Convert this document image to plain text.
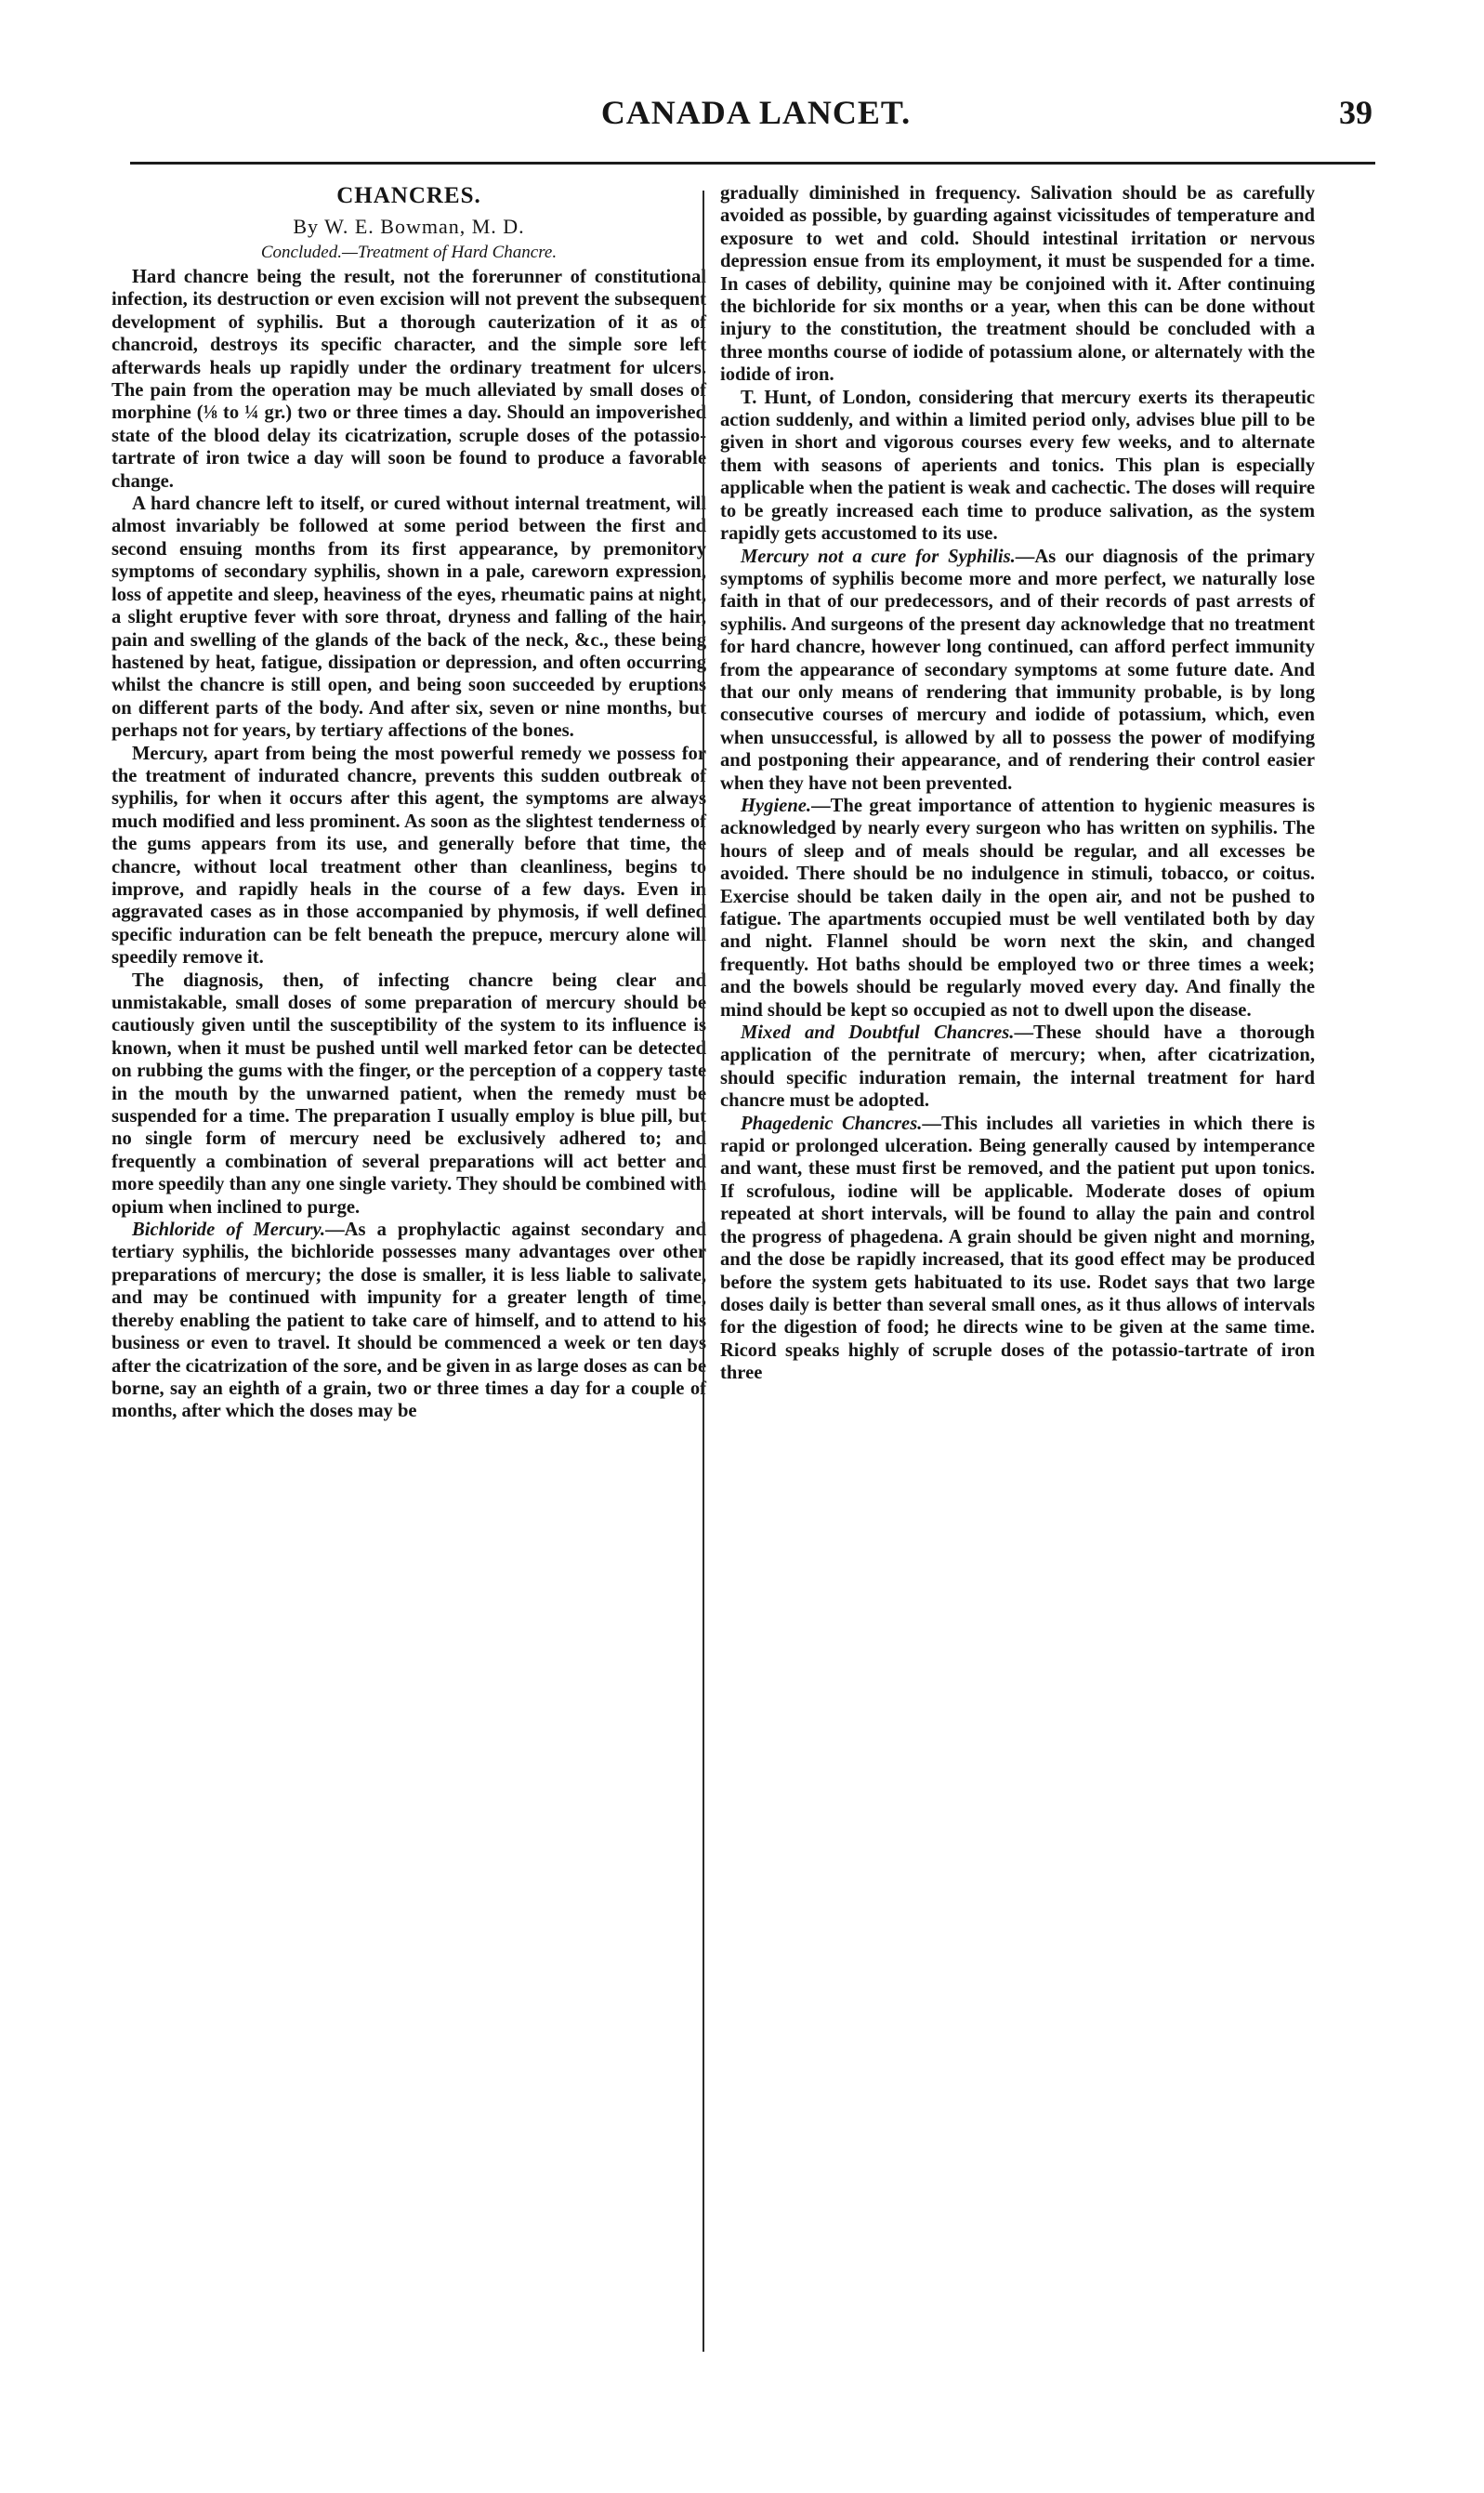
CANADA LANCET.	39
CHANCRES.
By W. E. Bowman, M. D.
Concluded.—Treatment of Hard Chancre.

Hard chancre being the result, not the forerunner of constitutional infection, its destruction or even excision will not prevent the subsequent development of syphilis. But a thorough cauterization of it as of chancroid, destroys its specific character, and the simple sore left afterwards heals up rapidly under the ordinary treatment for ulcers. The pain from the operation may be much alleviated by small doses of morphine (⅛ to ¼ gr.) two or three times a day. Should an impoverished state of the blood delay its cicatrization, scruple doses of the potassio-tartrate of iron twice a day will soon be found to produce a favorable change.

A hard chancre left to itself, or cured without internal treatment, will almost invariably be followed at some period between the first and second ensuing months from its first appearance, by premonitory symptoms of secondary syphilis, shown in a pale, careworn expression, loss of appetite and sleep, heaviness of the eyes, rheumatic pains at night, a slight eruptive fever with sore throat, dryness and falling of the hair, pain and swelling of the glands of the back of the neck, &c., these being hastened by heat, fatigue, dissipation or depression, and often occurring whilst the chancre is still open, and being soon succeeded by eruptions on different parts of the body. And after six, seven or nine months, but perhaps not for years, by tertiary affections of the bones.

Mercury, apart from being the most powerful remedy we possess for the treatment of indurated chancre, prevents this sudden outbreak of syphilis, for when it occurs after this agent, the symptoms are always much modified and less prominent. As soon as the slightest tenderness of the gums appears from its use, and generally before that time, the chancre, without local treatment other than cleanliness, begins to improve, and rapidly heals in the course of a few days. Even in aggravated cases as in those accompanied by phymosis, if well defined specific induration can be felt beneath the prepuce, mercury alone will speedily remove it.

The diagnosis, then, of infecting chancre being clear and unmistakable, small doses of some preparation of mercury should be cautiously given until the susceptibility of the system to its influence is known, when it must be pushed until well marked fetor can be detected on rubbing the gums with the finger, or the perception of a coppery taste in the mouth by the unwarned patient, when the remedy must be suspended for a time. The preparation I usually employ is blue pill, but no single form of mercury need be exclusively adhered to; and frequently a combination of several preparations will act better and more speedily than any one single variety. They should be combined with opium when inclined to purge.

Bichloride of Mercury.—As a prophylactic against secondary and tertiary syphilis, the bichloride possesses many advantages over other preparations of mercury; the dose is smaller, it is less liable to salivate, and may be continued with impunity for a greater length of time, thereby enabling the patient to take care of himself, and to attend to his business or even to travel. It should be commenced a week or ten days after the cicatrization of the sore, and be given in as large doses as can be borne, say an eighth of a grain, two or three times a day for a couple of months, after which the doses may be

gradually diminished in frequency. Salivation should be as carefully avoided as possible, by guarding against vicissitudes of temperature and exposure to wet and cold. Should intestinal irritation or nervous depression ensue from its employment, it must be suspended for a time. In cases of debility, quinine may be conjoined with it. After continuing the bichloride for six months or a year, when this can be done without injury to the constitution, the treatment should be concluded with a three months course of iodide of potassium alone, or alternately with the iodide of iron.

T. Hunt, of London, considering that mercury exerts its therapeutic action suddenly, and within a limited period only, advises blue pill to be given in short and vigorous courses every few weeks, and to alternate them with seasons of aperients and tonics. This plan is especially applicable when the patient is weak and cachectic. The doses will require to be greatly increased each time to produce salivation, as the system rapidly gets accustomed to its use.

Mercury not a cure for Syphilis.—As our diagnosis of the primary symptoms of syphilis become more and more perfect, we naturally lose faith in that of our predecessors, and of their records of past arrests of syphilis. And surgeons of the present day acknowledge that no treatment for hard chancre, however long continued, can afford perfect immunity from the appearance of secondary symptoms at some future date. And that our only means of rendering that immunity probable, is by long consecutive courses of mercury and iodide of potassium, which, even when unsuccessful, is allowed by all to possess the power of modifying and postponing their appearance, and of rendering their control easier when they have not been prevented.

Hygiene.—The great importance of attention to hygienic measures is acknowledged by nearly every surgeon who has written on syphilis. The hours of sleep and of meals should be regular, and all excesses be avoided. There should be no indulgence in stimuli, tobacco, or coitus. Exercise should be taken daily in the open air, and not be pushed to fatigue. The apartments occupied must be well ventilated both by day and night. Flannel should be worn next the skin, and changed frequently. Hot baths should be employed two or three times a week; and the bowels should be regularly moved every day. And finally the mind should be kept so occupied as not to dwell upon the disease.

Mixed and Doubtful Chancres.—These should have a thorough application of the pernitrate of mercury; when, after cicatrization, should specific induration remain, the internal treatment for hard chancre must be adopted.

Phagedenic Chancres.—This includes all varieties in which there is rapid or prolonged ulceration. Being generally caused by intemperance and want, these must first be removed, and the patient put upon tonics. If scrofulous, iodine will be applicable. Moderate doses of opium repeated at short intervals, will be found to allay the pain and control the progress of phagedena. A grain should be given night and morning, and the dose be rapidly increased, that its good effect may be produced before the system gets habituated to its use. Rodet says that two large doses daily is better than several small ones, as it thus allows of intervals for the digestion of food; he directs wine to be given at the same time. Ricord speaks highly of scruple doses of the potassio-tartrate of iron three
